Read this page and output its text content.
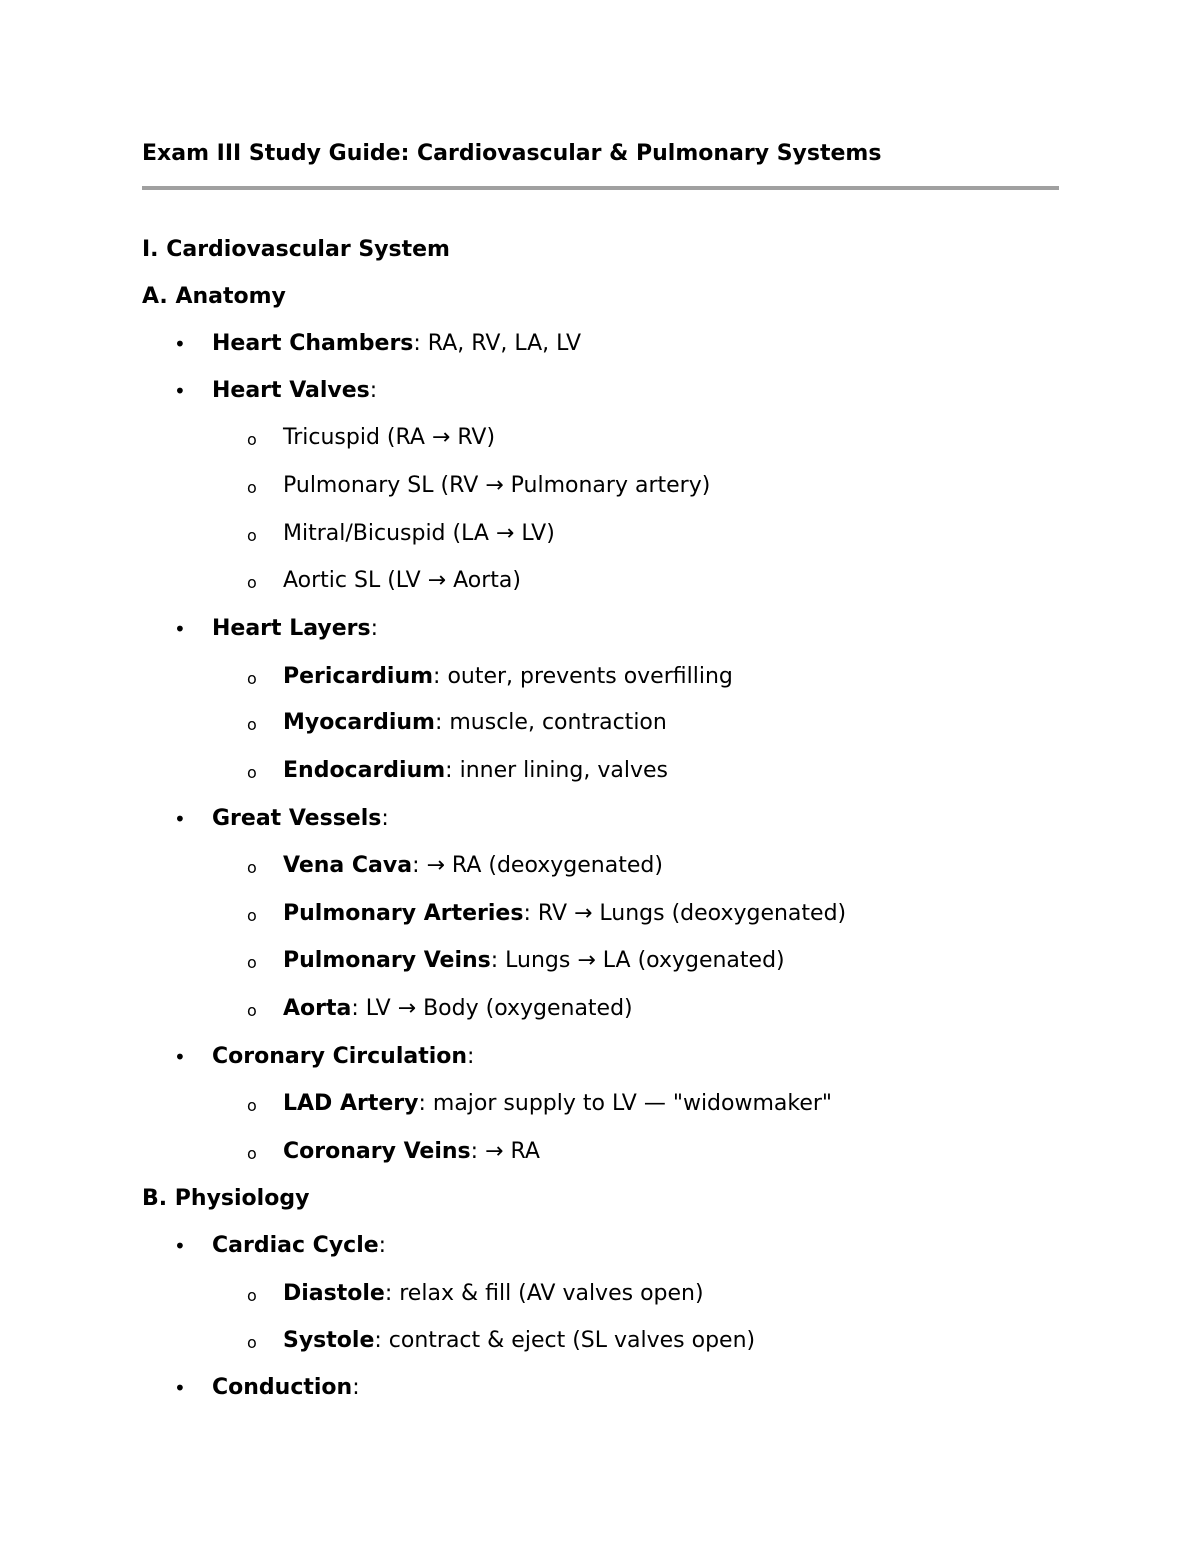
Exam III Study Guide: Cardiovascular & Pulmonary Systems
I. Cardiovascular System
A. Anatomy
• Heart Chambers: RA, RV, LA, LV
• Heart Valves:
o Tricuspid (RA → RV)
o Pulmonary SL (RV → Pulmonary artery)
o Mitral/Bicuspid (LA → LV)
o Aortic SL (LV → Aorta)
• Heart Layers:
o Pericardium: outer, prevents overfilling
o Myocardium: muscle, contraction
o Endocardium: inner lining, valves
• Great Vessels:
o Vena Cava: → RA (deoxygenated)
o Pulmonary Arteries: RV → Lungs (deoxygenated)
o Pulmonary Veins: Lungs → LA (oxygenated)
o Aorta: LV → Body (oxygenated)
• Coronary Circulation:
o LAD Artery: major supply to LV — "widowmaker"
o Coronary Veins: → RA
B. Physiology
• Cardiac Cycle:
o Diastole: relax & fill (AV valves open)
o Systole: contract & eject (SL valves open)
• Conduction:
